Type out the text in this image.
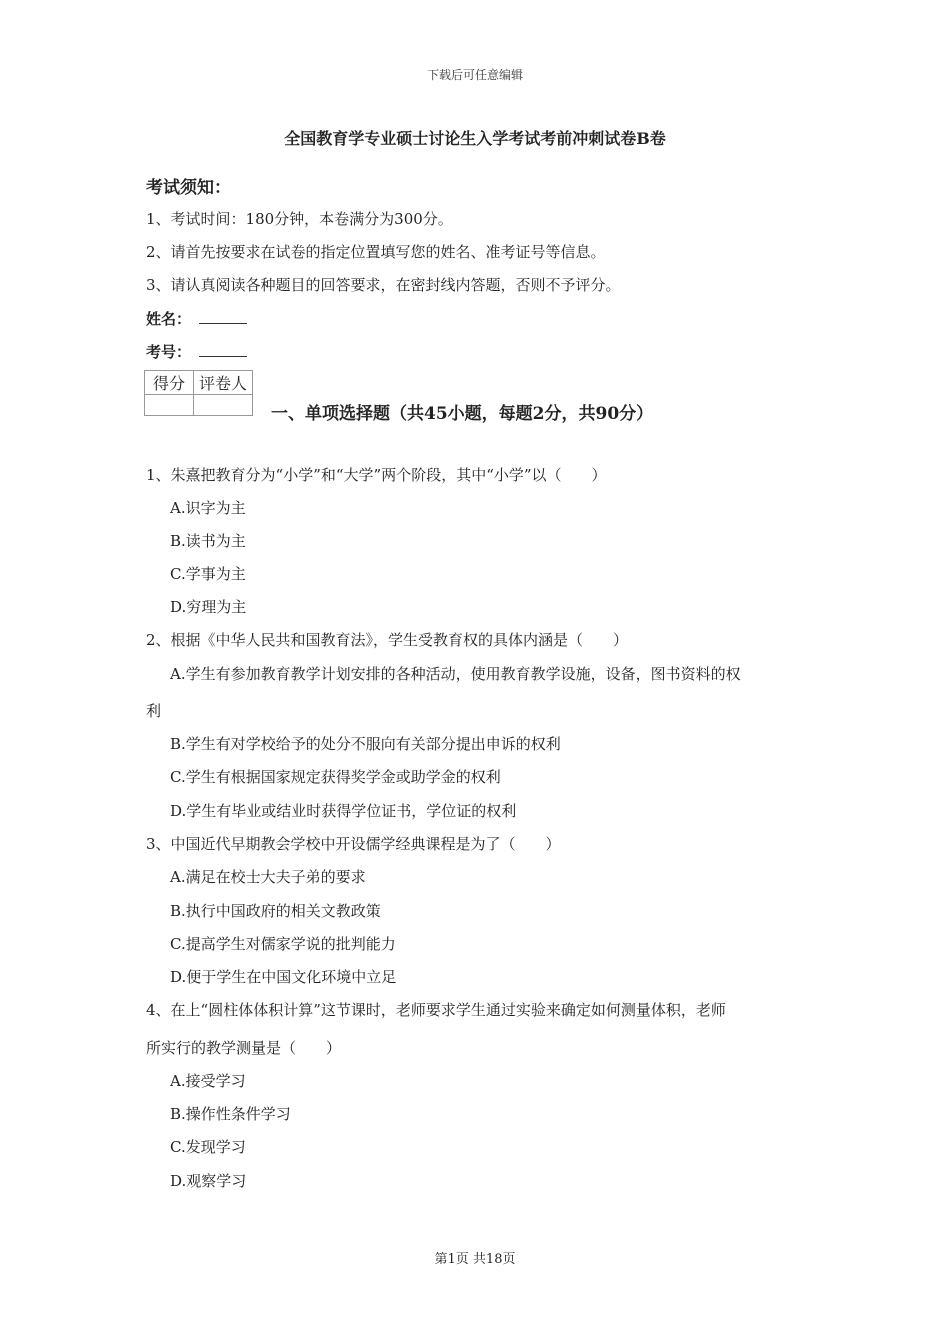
下载后可任意编辑
全国教育学专业硕士讨论生入学考试考前冲刺试卷B卷
考试须知：
1、考试时间：180分钟，本卷满分为300分。
2、请首先按要求在试卷的指定位置填写您的姓名、准考证号等信息。
3、请认真阅读各种题目的回答要求，在密封线内答题，否则不予评分。
姓名：
考号：
得分	评卷人

一、单项选择题（共45小题，每题2分，共90分）
1、朱熹把教育分为“小学”和“大学”两个阶段，其中“小学”以（　　）
A.识字为主
B.读书为主
C.学事为主
D.穷理为主
2、根据《中华人民共和国教育法》，学生受教育权的具体内涵是（　　）
A.学生有参加教育教学计划安排的各种活动，使用教育教学设施，设备，图书资料的权
利
B.学生有对学校给予的处分不服向有关部分提出申诉的权利
C.学生有根据国家规定获得奖学金或助学金的权利
D.学生有毕业或结业时获得学位证书，学位证的权利
3、中国近代早期教会学校中开设儒学经典课程是为了（　　）
A.满足在校士大夫子弟的要求
B.执行中国政府的相关文教政策
C.提高学生对儒家学说的批判能力
D.便于学生在中国文化环境中立足
4、在上“圆柱体体积计算”这节课时，老师要求学生通过实验来确定如何测量体积，老师
所实行的教学测量是（　　）
A.接受学习
B.操作性条件学习
C.发现学习
D.观察学习
第1页 共18页
